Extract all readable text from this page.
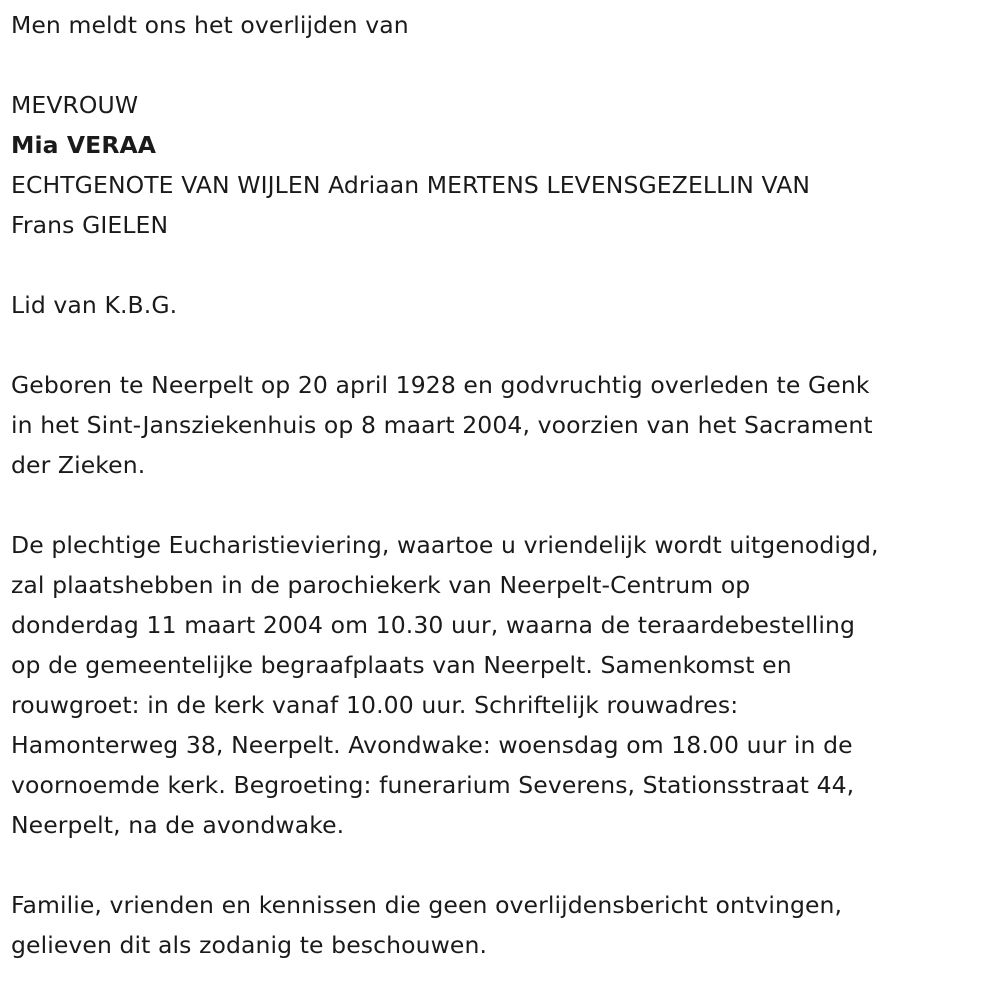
Men meldt ons het overlijden van
MEVROUW
Mia VERAA
ECHTGENOTE VAN WIJLEN Adriaan MERTENS LEVENSGEZELLIN VAN
Frans GIELEN
Lid van K.B.G.
Geboren te Neerpelt op 20 april 1928 en godvruchtig overleden te Genk
in het Sint-Jansziekenhuis op 8 maart 2004, voorzien van het Sacrament
der Zieken.
De plechtige Eucharistieviering, waartoe u vriendelijk wordt uitgenodigd,
zal plaatshebben in de parochiekerk van Neerpelt-Centrum op
donderdag 11 maart 2004 om 10.30 uur, waarna de teraardebestelling
op de gemeentelijke begraafplaats van Neerpelt. Samenkomst en
rouwgroet: in de kerk vanaf 10.00 uur. Schriftelijk rouwadres:
Hamonterweg 38, Neerpelt. Avondwake: woensdag om 18.00 uur in de
voornoemde kerk. Begroeting: funerarium Severens, Stationsstraat 44,
Neerpelt, na de avondwake.
Familie, vrienden en kennissen die geen overlijdensbericht ontvingen,
gelieven dit als zodanig te beschouwen.
